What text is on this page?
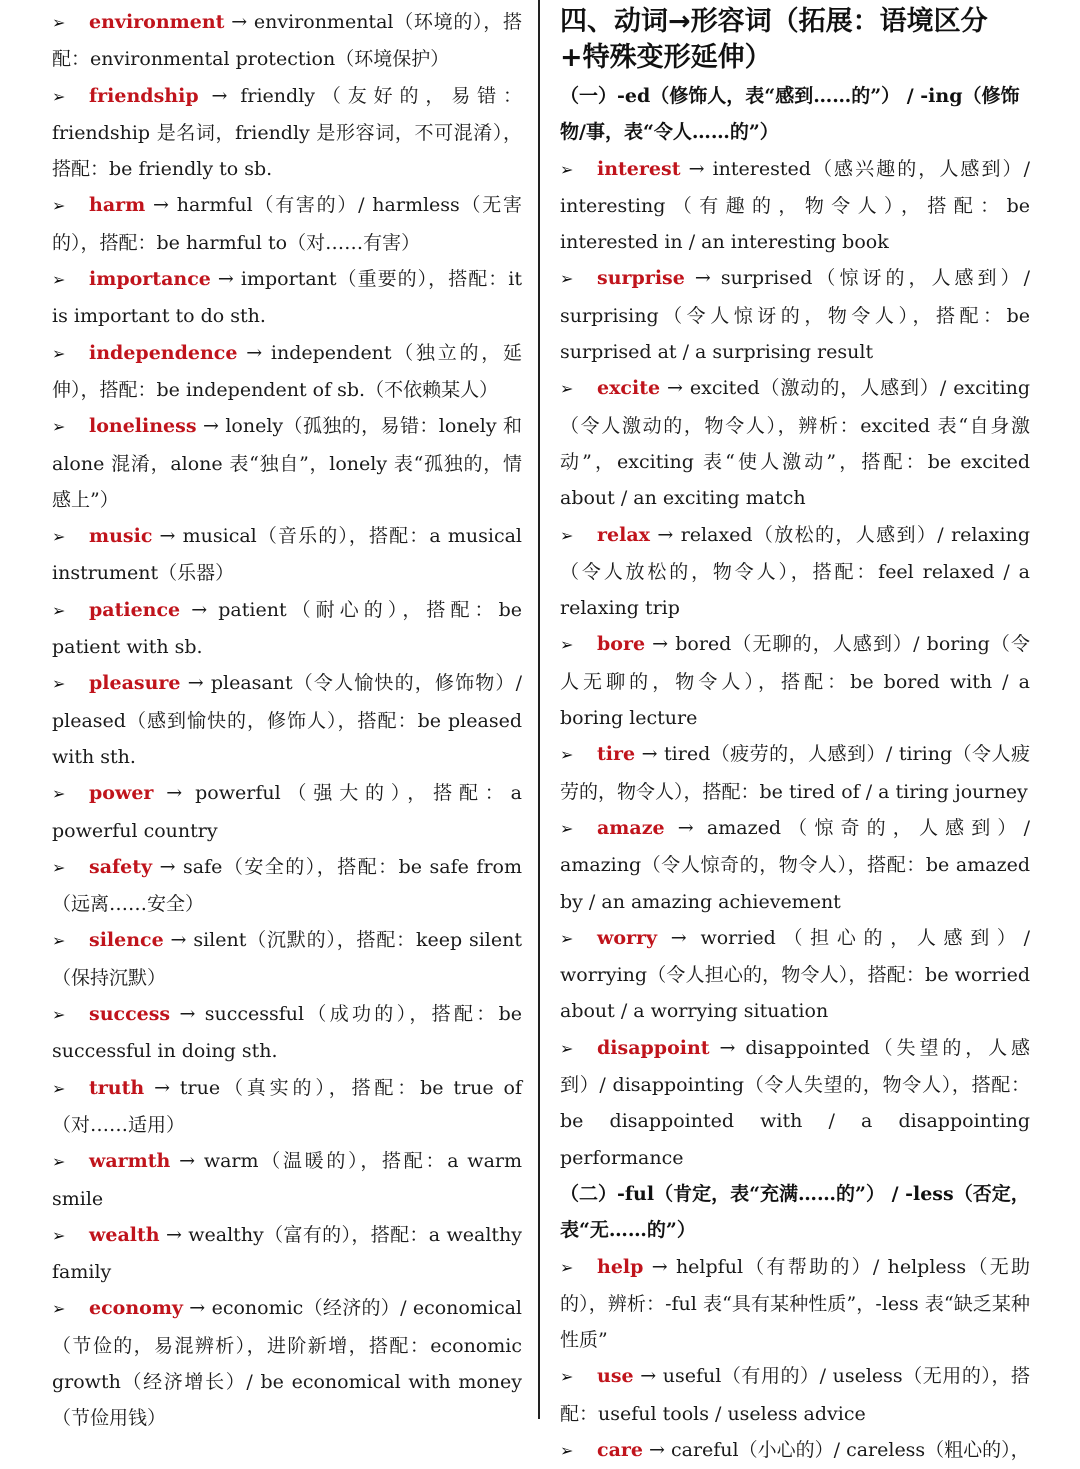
➢ environment → environmental（环境的），搭配：environmental protection（环境保护）
➢ friendship → friendly（友好的，易错：friendship 是名词，friendly 是形容词，不可混淆），搭配：be friendly to sb.
➢ harm → harmful（有害的）/ harmless（无害的），搭配：be harmful to（对……有害）
➢ importance → important（重要的），搭配：it is important to do sth.
➢ independence → independent（独立的，延伸），搭配：be independent of sb.（不依赖某人）
➢ loneliness → lonely（孤独的，易错：lonely 和 alone 混淆，alone 表“独自”，lonely 表“孤独的，情感上”）
➢ music → musical（音乐的），搭配：a musical instrument（乐器）
➢ patience → patient（耐心的），搭配：be patient with sb.
➢ pleasure → pleasant（令人愉快的，修饰物）/ pleased（感到愉快的，修饰人），搭配：be pleased with sth.
➢ power → powerful（强大的），搭配：a powerful country
➢ safety → safe（安全的），搭配：be safe from（远离……安全）
➢ silence → silent（沉默的），搭配：keep silent（保持沉默）
➢ success → successful（成功的），搭配：be successful in doing sth.
➢ truth → true（真实的），搭配：be true of（对……适用）
➢ warmth → warm（温暖的），搭配：a warm smile
➢ wealth → wealthy（富有的），搭配：a wealthy family
➢ economy → economic（经济的）/ economical（节俭的，易混辨析），进阶新增，搭配：economic growth（经济增长）/ be economical with money（节俭用钱）
四、动词→形容词（拓展：语境区分+特殊变形延伸）
（一）-ed（修饰人，表“感到……的”） / -ing（修饰物/事，表“令人……的”）
➢ interest → interested（感兴趣的，人感到）/ interesting（有趣的，物令人），搭配：be interested in / an interesting book
➢ surprise → surprised（惊讶的，人感到）/ surprising（令人惊讶的，物令人），搭配：be surprised at / a surprising result
➢ excite → excited（激动的，人感到）/ exciting（令人激动的，物令人），辨析：excited 表“自身激动”，exciting 表“使人激动”，搭配：be excited about / an exciting match
➢ relax → relaxed（放松的，人感到）/ relaxing（令人放松的，物令人），搭配：feel relaxed / a relaxing trip
➢ bore → bored（无聊的，人感到）/ boring（令人无聊的，物令人），搭配：be bored with / a boring lecture
➢ tire → tired（疲劳的，人感到）/ tiring（令人疲劳的，物令人），搭配：be tired of / a tiring journey
➢ amaze → amazed（惊奇的，人感到）/ amazing（令人惊奇的，物令人），搭配：be amazed by / an amazing achievement
➢ worry → worried（担心的，人感到）/ worrying（令人担心的，物令人），搭配：be worried about / a worrying situation
➢ disappoint → disappointed（失望的，人感到）/ disappointing（令人失望的，物令人），搭配：be disappointed with / a disappointing performance
（二）-ful（肯定，表“充满……的”） / -less（否定，表“无……的”）
➢ help → helpful（有帮助的）/ helpless（无助的），辨析：-ful 表“具有某种性质”，-less 表“缺乏某种性质”
➢ use → useful（有用的）/ useless（无用的），搭配：useful tools / useless advice
➢ care → careful（小心的）/ careless（粗心的），
